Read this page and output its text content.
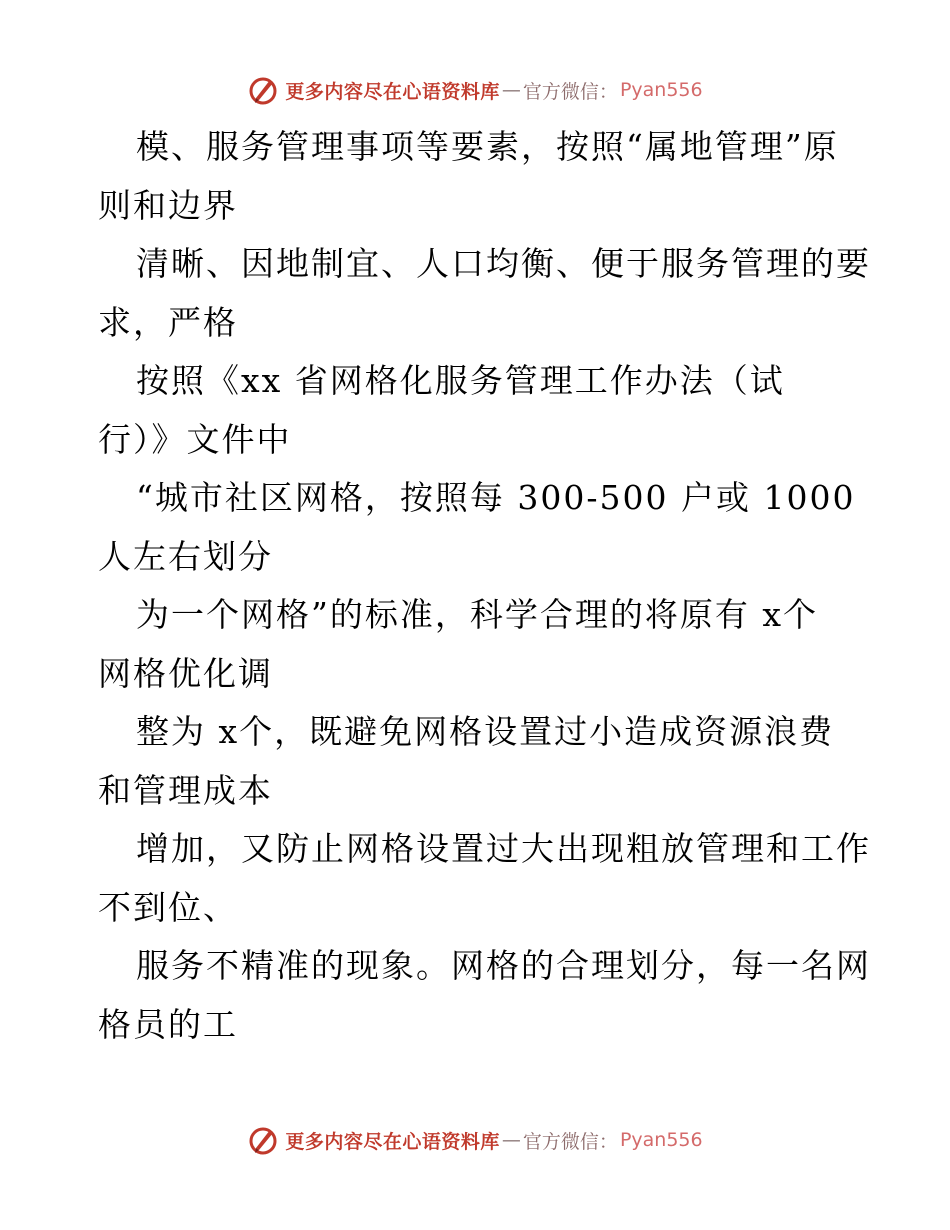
更多内容尽在心语资料库 — 官方微信： Pyan556
模、服务管理事项等要素，按照“属地管理”原
则和边界
清晰、因地制宜、人口均衡、便于服务管理的要
求，严格
按照《xx 省网格化服务管理工作办法（试
行）》文件中
“城市社区网格，按照每 300-500 户或 1000
人左右划分
为一个网格”的标准，科学合理的将原有 x个
网格优化调
整为 x个，既避免网格设置过小造成资源浪费
和管理成本
增加，又防止网格设置过大出现粗放管理和工作
不到位、
服务不精准的现象。网格的合理划分，每一名网
格员的工
更多内容尽在心语资料库 — 官方微信： Pyan556
